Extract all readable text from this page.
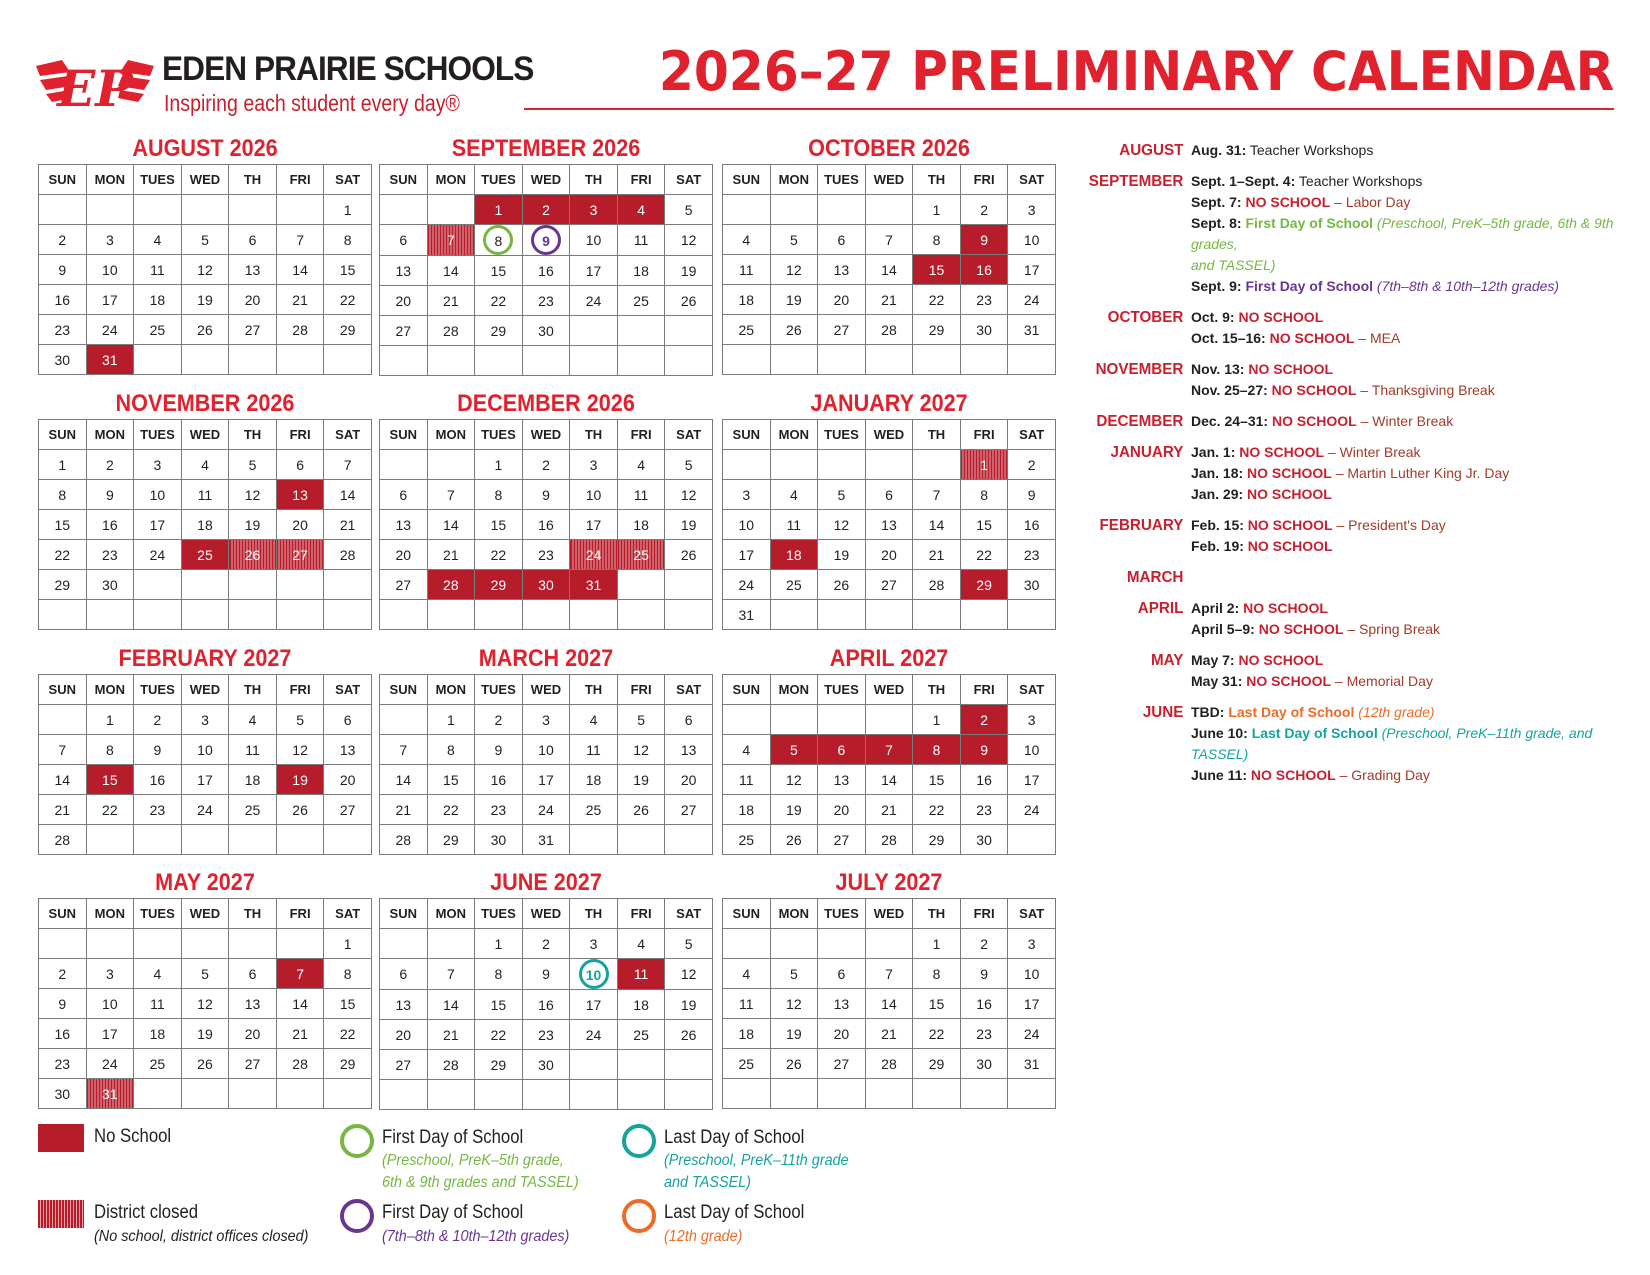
EP EDEN PRAIRIE SCHOOLS
Inspiring each student every day®	2026–27 PRELIMINARY CALENDAR
AUGUST 2026
SUN	MON	TUES	WED	TH	FRI	SAT
						1
2	3	4	5	6	7	8
9	10	11	12	13	14	15
16	17	18	19	20	21	22
23	24	25	26	27	28	29
30	31					
SEPTEMBER 2026
SUN	MON	TUES	WED	TH	FRI	SAT
		1	2	3	4	5
6	7	8	9	10	11	12
13	14	15	16	17	18	19
20	21	22	23	24	25	26
27	28	29	30			

OCTOBER 2026
SUN	MON	TUES	WED	TH	FRI	SAT
				1	2	3
4	5	6	7	8	9	10
11	12	13	14	15	16	17
18	19	20	21	22	23	24
25	26	27	28	29	30	31

NOVEMBER 2026
SUN	MON	TUES	WED	TH	FRI	SAT
1	2	3	4	5	6	7
8	9	10	11	12	13	14
15	16	17	18	19	20	21
22	23	24	25	26	27	28
29	30					

DECEMBER 2026
SUN	MON	TUES	WED	TH	FRI	SAT
		1	2	3	4	5
6	7	8	9	10	11	12
13	14	15	16	17	18	19
20	21	22	23	24	25	26
27	28	29	30	31		

JANUARY 2027
SUN	MON	TUES	WED	TH	FRI	SAT
					1	2
3	4	5	6	7	8	9
10	11	12	13	14	15	16
17	18	19	20	21	22	23
24	25	26	27	28	29	30
31						
FEBRUARY 2027
SUN	MON	TUES	WED	TH	FRI	SAT
	1	2	3	4	5	6
7	8	9	10	11	12	13
14	15	16	17	18	19	20
21	22	23	24	25	26	27
28						
MARCH 2027
SUN	MON	TUES	WED	TH	FRI	SAT
	1	2	3	4	5	6
7	8	9	10	11	12	13
14	15	16	17	18	19	20
21	22	23	24	25	26	27
28	29	30	31			
APRIL 2027
SUN	MON	TUES	WED	TH	FRI	SAT
				1	2	3
4	5	6	7	8	9	10
11	12	13	14	15	16	17
18	19	20	21	22	23	24
25	26	27	28	29	30	
MAY 2027
SUN	MON	TUES	WED	TH	FRI	SAT
						1
2	3	4	5	6	7	8
9	10	11	12	13	14	15
16	17	18	19	20	21	22
23	24	25	26	27	28	29
30	31					
JUNE 2027
SUN	MON	TUES	WED	TH	FRI	SAT
		1	2	3	4	5
6	7	8	9	10	11	12
13	14	15	16	17	18	19
20	21	22	23	24	25	26
27	28	29	30			

JULY 2027
SUN	MON	TUES	WED	TH	FRI	SAT
				1	2	3
4	5	6	7	8	9	10
11	12	13	14	15	16	17
18	19	20	21	22	23	24
25	26	27	28	29	30	31

AUGUST Aug. 31: Teacher Workshops
SEPTEMBER Sept. 1–Sept. 4: Teacher Workshops
Sept. 7: NO SCHOOL – Labor Day
Sept. 8: First Day of School (Preschool, PreK–5th grade, 6th & 9th grades,
and TASSEL)
Sept. 9: First Day of School (7th–8th & 10th–12th grades)
OCTOBER Oct. 9: NO SCHOOL
Oct. 15–16: NO SCHOOL – MEA
NOVEMBER Nov. 13: NO SCHOOL
Nov. 25–27: NO SCHOOL – Thanksgiving Break
DECEMBER Dec. 24–31: NO SCHOOL – Winter Break
JANUARY Jan. 1: NO SCHOOL – Winter Break
Jan. 18: NO SCHOOL – Martin Luther King Jr. Day
Jan. 29: NO SCHOOL
FEBRUARY Feb. 15: NO SCHOOL – President's Day
Feb. 19: NO SCHOOL
MARCH
APRIL April 2: NO SCHOOL
April 5–9: NO SCHOOL – Spring Break
MAY May 7: NO SCHOOL
May 31: NO SCHOOL – Memorial Day
JUNE TBD: Last Day of School (12th grade)
June 10: Last Day of School (Preschool, PreK–11th grade, and TASSEL)
June 11: NO SCHOOL – Grading Day
No School
District closed
(No school, district offices closed)
First Day of School
(Preschool, PreK–5th grade,
6th & 9th grades and TASSEL)
First Day of School
(7th–8th & 10th–12th grades)
Last Day of School
(Preschool, PreK–11th grade
and TASSEL)
Last Day of School
(12th grade)
